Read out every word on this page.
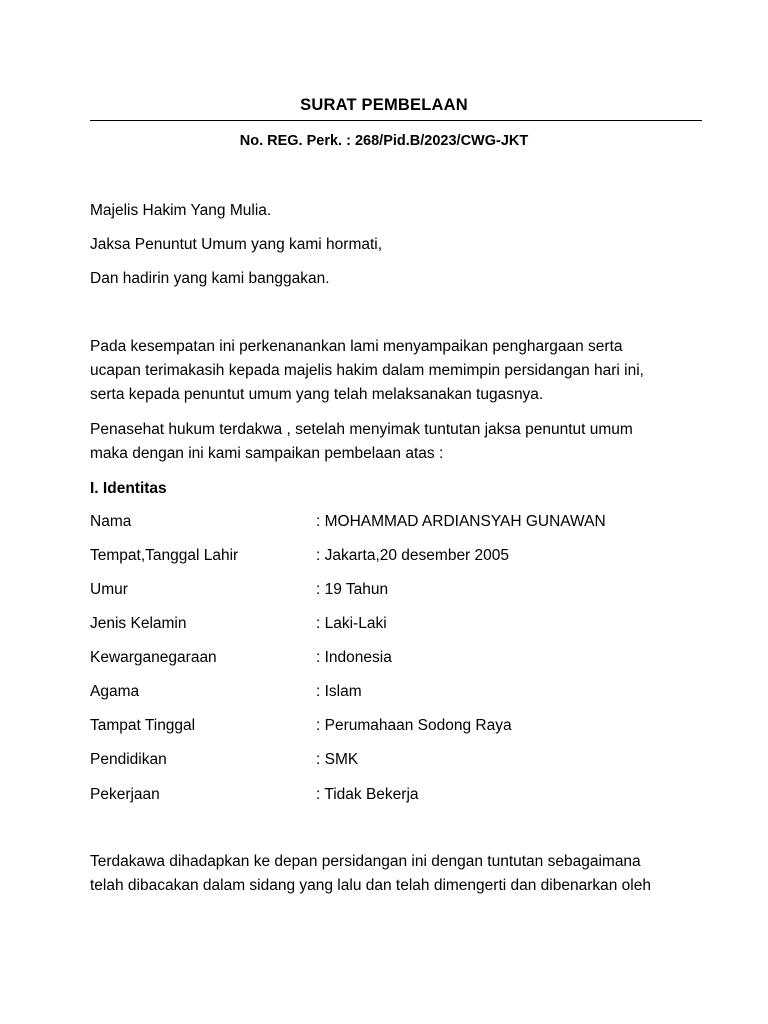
SURAT PEMBELAAN
No. REG. Perk. : 268/Pid.B/2023/CWG-JKT
Majelis Hakim Yang Mulia.
Jaksa Penuntut Umum yang kami hormati,
Dan hadirin yang kami banggakan.
Pada kesempatan ini perkenanankan lami menyampaikan penghargaan serta
ucapan terimakasih kepada majelis hakim dalam memimpin persidangan hari ini,
serta kepada penuntut umum yang telah melaksanakan tugasnya.
Penasehat hukum terdakwa , setelah menyimak tuntutan jaksa penuntut umum
maka dengan ini kami sampaikan pembelaan atas :
I. Identitas
Nama	: MOHAMMAD ARDIANSYAH GUNAWAN
Tempat,Tanggal Lahir	: Jakarta,20 desember 2005
Umur	: 19 Tahun
Jenis Kelamin	: Laki-Laki
Kewarganegaraan	: Indonesia
Agama	: Islam
Tampat Tinggal	: Perumahaan Sodong Raya
Pendidikan	: SMK
Pekerjaan	: Tidak Bekerja
Terdakawa dihadapkan ke depan persidangan ini dengan tuntutan sebagaimana
telah dibacakan dalam sidang yang lalu dan telah dimengerti dan dibenarkan oleh
